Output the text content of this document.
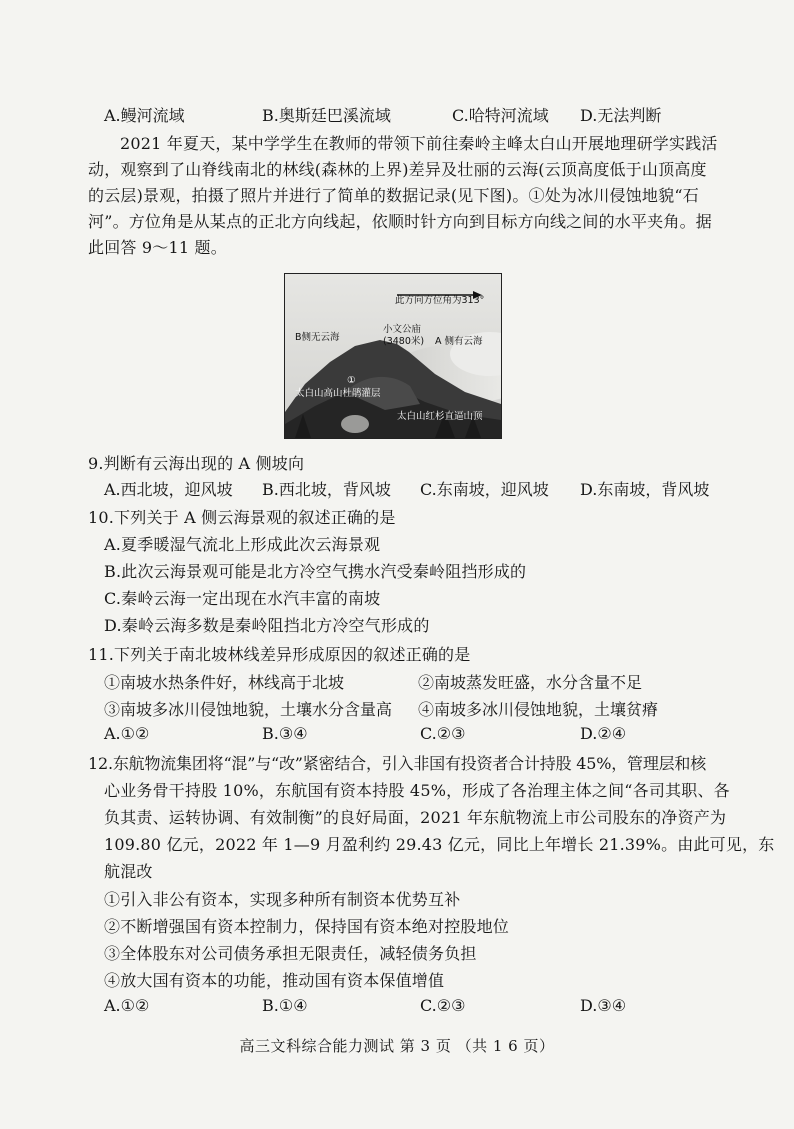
A.鳗河流域	B.奥斯廷巴溪流域	C.哈特河流域 D.无法判断
2021 年夏天，某中学学生在教师的带领下前往秦岭主峰太白山开展地理研学实践活
动，观察到了山脊线南北的林线(森林的上界)差异及壮丽的云海(云顶高度低于山顶高度
的云层)景观，拍摄了照片并进行了简单的数据记录(见下图)。①处为冰川侵蚀地貌“石
河”。方位角是从某点的正北方向线起，依顺时针方向到目标方向线之间的水平夹角。据
此回答 9～11 题。
此方向方位角为313°
B侧无云海
小文公庙
(3480米) A 侧有云海
①
太白山高山杜鹃灌层
太白山红杉直逼山顶
9.判断有云海出现的 A 侧坡向
A.西北坡，迎风坡 B.西北坡，背风坡 C.东南坡，迎风坡 D.东南坡，背风坡
10.下列关于 A 侧云海景观的叙述正确的是
A.夏季暖湿气流北上形成此次云海景观
B.此次云海景观可能是北方冷空气携水汽受秦岭阻挡形成的
C.秦岭云海一定出现在水汽丰富的南坡
D.秦岭云海多数是秦岭阻挡北方冷空气形成的
11.下列关于南北坡林线差异形成原因的叙述正确的是
①南坡水热条件好，林线高于北坡	②南坡蒸发旺盛，水分含量不足
③南坡多冰川侵蚀地貌，土壤水分含量高 ④南坡多冰川侵蚀地貌，土壤贫瘠
A.①②	B.③④	C.②③	D.②④
12.东航物流集团将“混”与“改”紧密结合，引入非国有投资者合计持股 45%，管理层和核
心业务骨干持股 10%，东航国有资本持股 45%，形成了各治理主体之间“各司其职、各
负其责、运转协调、有效制衡”的良好局面，2021 年东航物流上市公司股东的净资产为
109.80 亿元，2022 年 1—9 月盈利约 29.43 亿元，同比上年增长 21.39%。由此可见，东
航混改
①引入非公有资本，实现多种所有制资本优势互补
②不断增强国有资本控制力，保持国有资本绝对控股地位
③全体股东对公司债务承担无限责任，减轻债务负担
④放大国有资本的功能，推动国有资本保值增值
A.①②	B.①④	C.②③	D.③④
高三文科综合能力测试 第 3 页 （共 1 6 页）
